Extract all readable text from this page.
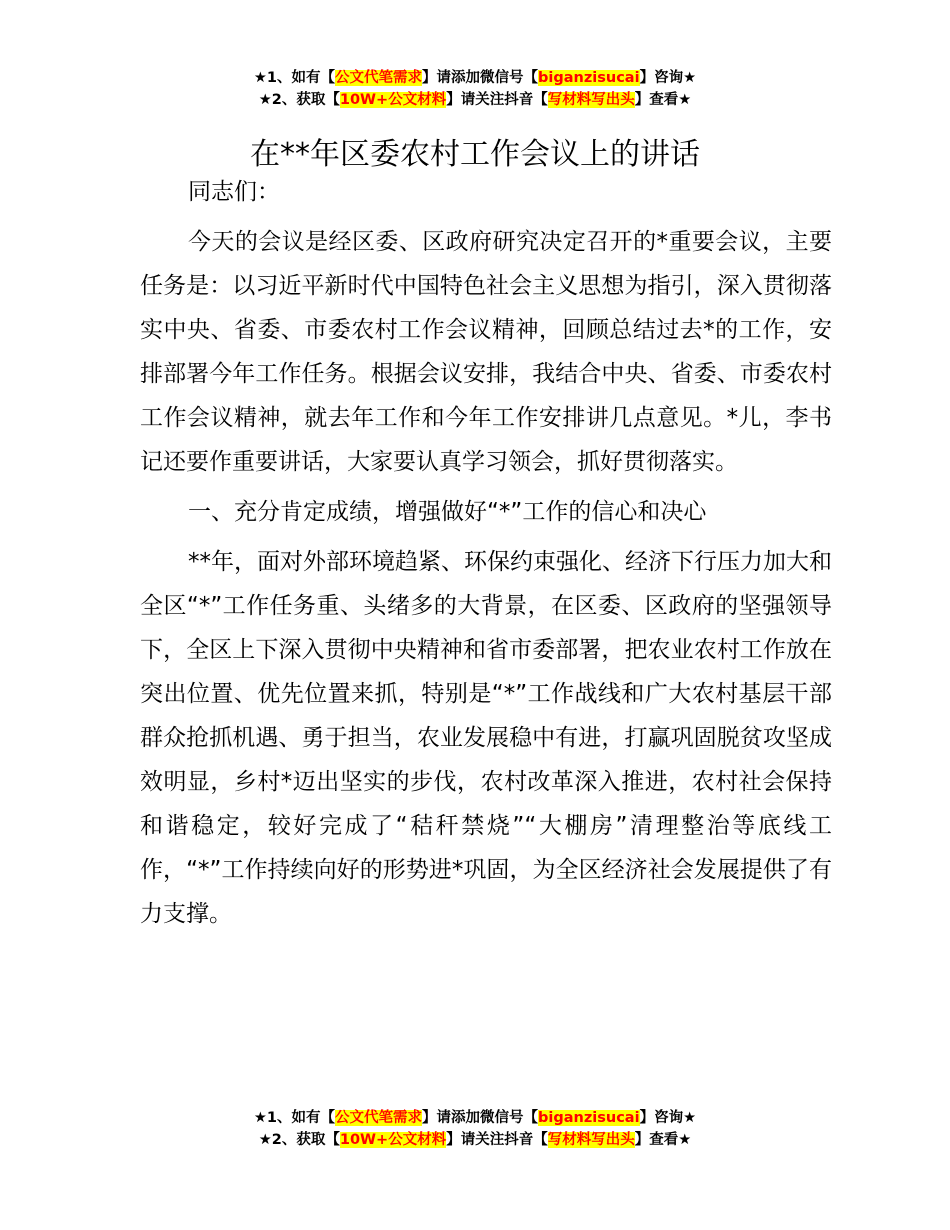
★1、如有【公文代笔需求】请添加微信号【biganzisucai】咨询★
★2、获取【10W+公文材料】请关注抖音【写材料写出头】查看★
在**年区委农村工作会议上的讲话

同志们：

今天的会议是经区委、区政府研究决定召开的*重要会议，主要任务是：以习近平新时代中国特色社会主义思想为指引，深入贯彻落实中央、省委、市委农村工作会议精神，回顾总结过去*的工作，安排部署今年工作任务。根据会议安排，我结合中央、省委、市委农村工作会议精神，就去年工作和今年工作安排讲几点意见。*儿，李书记还要作重要讲话，大家要认真学习领会，抓好贯彻落实。

一、充分肯定成绩，增强做好“*”工作的信心和决心

**年，面对外部环境趋紧、环保约束强化、经济下行压力加大和全区“*”工作任务重、头绪多的大背景，在区委、区政府的坚强领导下，全区上下深入贯彻中央精神和省市委部署，把农业农村工作放在突出位置、优先位置来抓，特别是“*”工作战线和广大农村基层干部群众抢抓机遇、勇于担当，农业发展稳中有进，打赢巩固脱贫攻坚成效明显，乡村*迈出坚实的步伐，农村改革深入推进，农村社会保持和谐稳定，较好完成了“秸秆禁烧”“大棚房”清理整治等底线工作，“*”工作持续向好的形势进*巩固，为全区经济社会发展提供了有力支撑。

★1、如有【公文代笔需求】请添加微信号【biganzisucai】咨询★
★2、获取【10W+公文材料】请关注抖音【写材料写出头】查看★
